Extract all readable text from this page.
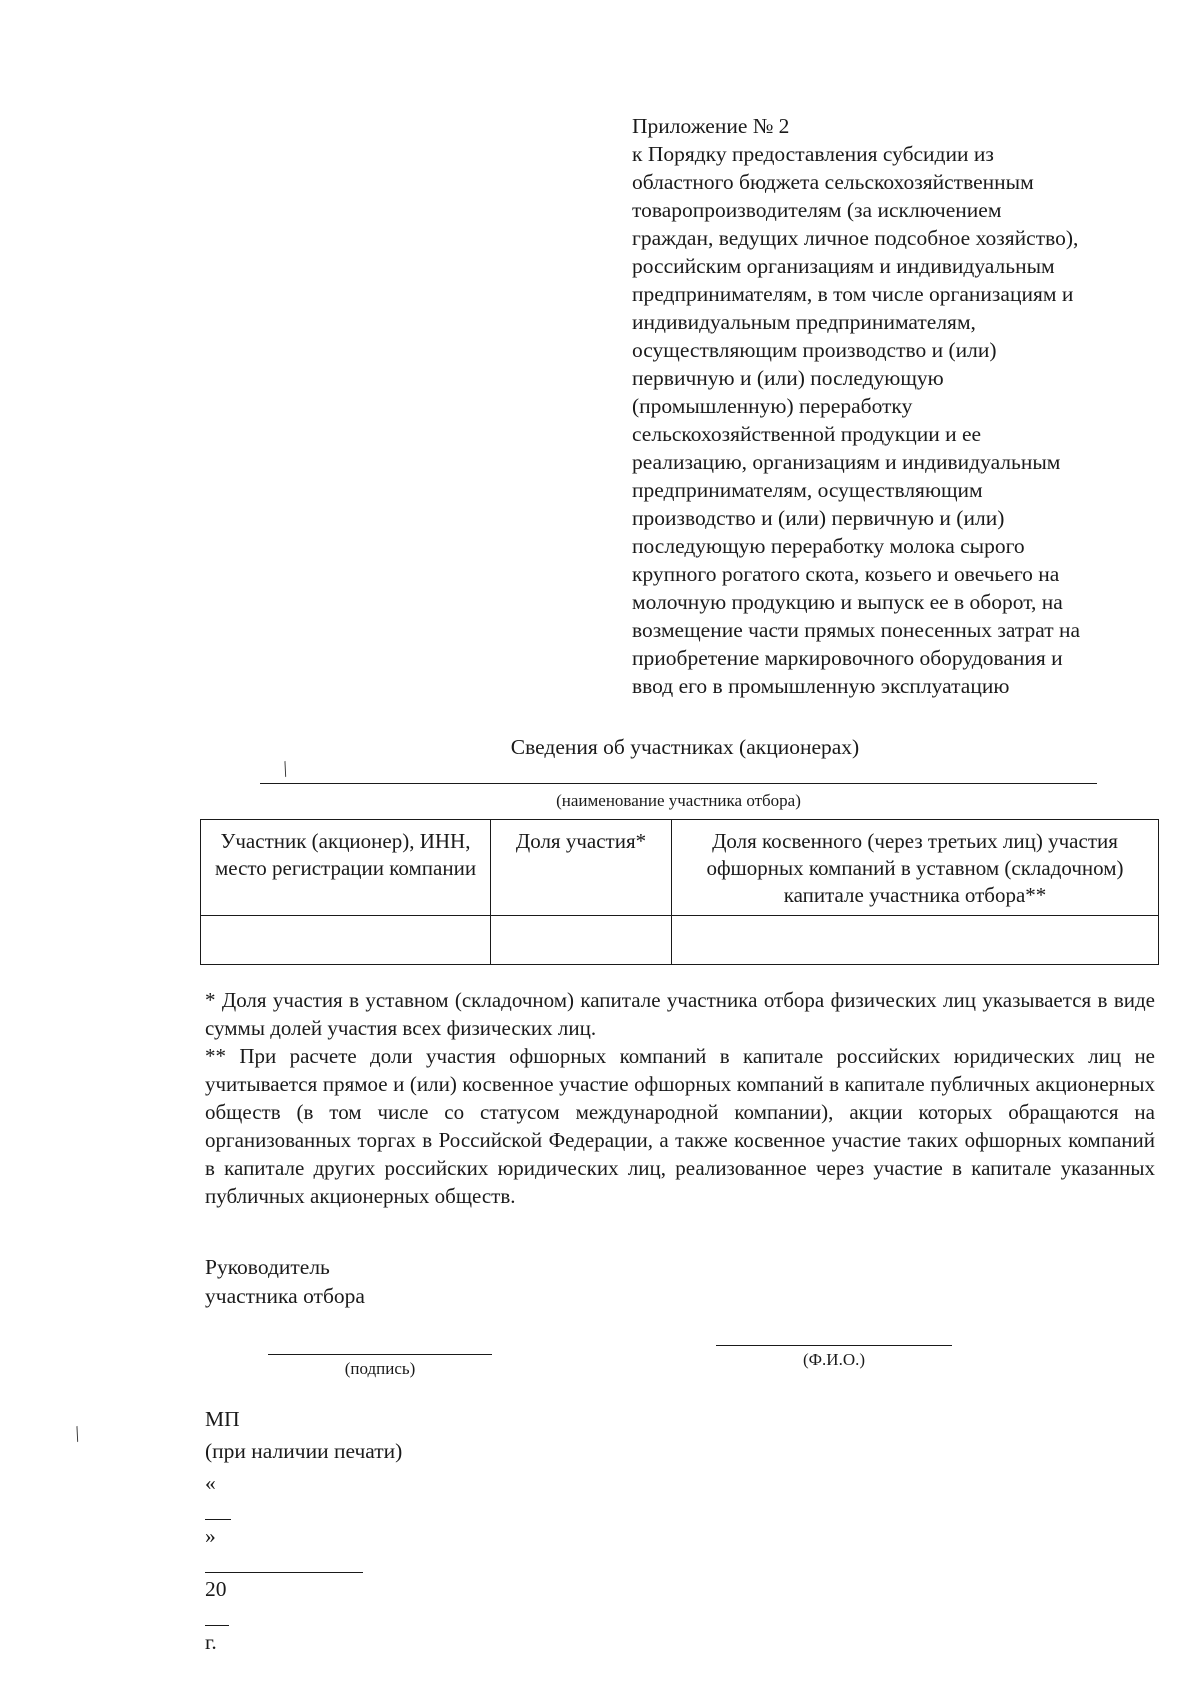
Приложение № 2
к Порядку предоставления субсидии из
областного бюджета сельскохозяйственным
товаропроизводителям (за исключением
граждан, ведущих личное подсобное хозяйство),
российским организациям и индивидуальным
предпринимателям, в том числе организациям и
индивидуальным предпринимателям,
осуществляющим производство и (или)
первичную и (или) последующую
(промышленную) переработку
сельскохозяйственной продукции и ее
реализацию, организациям и индивидуальным
предпринимателям, осуществляющим
производство и (или) первичную и (или)
последующую переработку молока сырого
крупного рогатого скота, козьего и овечьего на
молочную продукцию и выпуск ее в оборот, на
возмещение части прямых понесенных затрат на
приобретение маркировочного оборудования и
ввод его в промышленную эксплуатацию
Сведения об участниках (акционерах)
╱
(наименование участника отбора)
Участник (акционер), ИНН, место регистрации компании	Доля участия*	Доля косвенного (через третьих лиц) участия офшорных компаний в уставном (складочном) капитале участника отбора**

* Доля участия в уставном (складочном) капитале участника отбора физических лиц указывается в виде суммы долей участия всех физических лиц.

** При расчете доли участия офшорных компаний в капитале российских юридических лиц не учитывается прямое и (или) косвенное участие офшорных компаний в капитале публичных акционерных обществ (в том числе со статусом международной компании), акции которых обращаются на организованных торгах в Российской Федерации, а также косвенное участие таких офшорных компаний в капитале других российских юридических лиц, реализованное через участие в капитале указанных публичных акционерных обществ.

Руководитель
участника отбора
(подпись)	(Ф.И.О.)
╱
МП
(при наличии печати)
«
»
20
г.
